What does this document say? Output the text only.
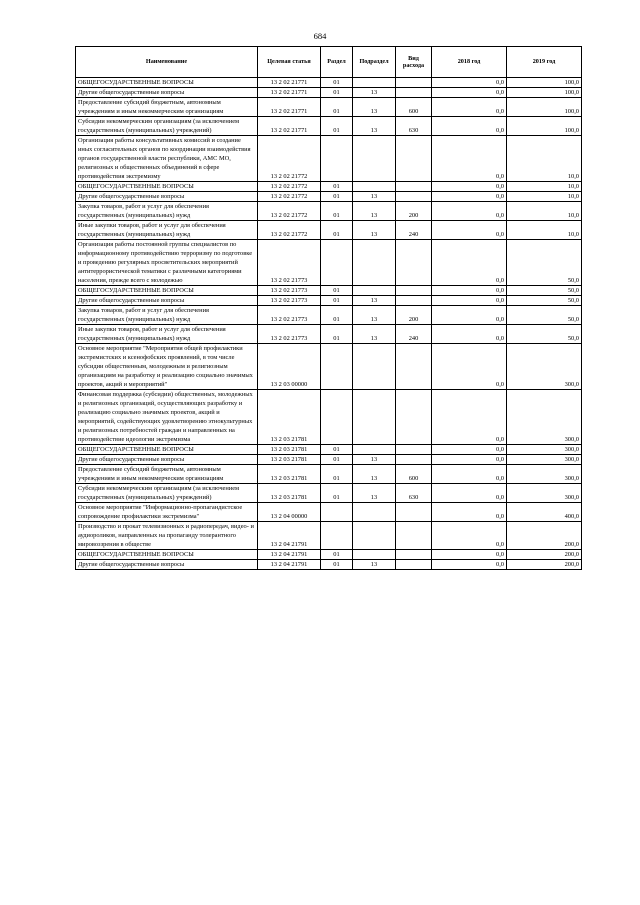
684
Наименование	Целевая статья	Раздел	Подраздел	Вид расхода	2018 год	2019 год
ОБЩЕГОСУДАРСТВЕННЫЕ ВОПРОСЫ	13 2 02 21771	01			0,0	100,0
Другие общегосударственные вопросы	13 2 02 21771	01	13		0,0	100,0
Предоставление субсидий бюджетным, автономным учреждениям и иным некоммерческим организациям	13 2 02 21771	01	13	600	0,0	100,0
Субсидии некоммерческим организациям (за исключением государственных (муниципальных) учреждений)	13 2 02 21771	01	13	630	0,0	100,0
Организация работы консультативных комиссий и создание иных согласительных органов по координации взаимодействия органов государственной власти республики, АМС МО, религиозных и общественных объединений в сфере противодействия экстремизму	13 2 02 21772				0,0	10,0
ОБЩЕГОСУДАРСТВЕННЫЕ ВОПРОСЫ	13 2 02 21772	01			0,0	10,0
Другие общегосударственные вопросы	13 2 02 21772	01	13		0,0	10,0
Закупка товаров, работ и услуг для обеспечения государственных (муниципальных) нужд	13 2 02 21772	01	13	200	0,0	10,0
Иные закупки товаров, работ и услуг для обеспечения государственных (муниципальных) нужд	13 2 02 21772	01	13	240	0,0	10,0
Организация работы постоянной группы специалистов по информационному противодействию терроризму по подготовке и проведению регулярных просветительских мероприятий антитеррористической тематики с различными категориями населения, прежде всего с молодежью	13 2 02 21773				0,0	50,0
ОБЩЕГОСУДАРСТВЕННЫЕ ВОПРОСЫ	13 2 02 21773	01			0,0	50,0
Другие общегосударственные вопросы	13 2 02 21773	01	13		0,0	50,0
Закупка товаров, работ и услуг для обеспечения государственных (муниципальных) нужд	13 2 02 21773	01	13	200	0,0	50,0
Иные закупки товаров, работ и услуг для обеспечения государственных (муниципальных) нужд	13 2 02 21773	01	13	240	0,0	50,0
Основное мероприятие "Мероприятия общей профилактики экстремистских и ксенофобских проявлений, в том числе субсидии общественным, молодежным и религиозным организациям на разработку и реализацию социально значимых проектов, акций и мероприятий"	13 2 03 00000				0,0	300,0
Финансовая поддержка (субсидии) общественных, молодежных и религиозных организаций, осуществляющих разработку и реализацию социально значимых проектов, акций и мероприятий, содействующих удовлетворению этнокультурных и религиозных потребностей граждан и направленных на противодействие идеологии экстремизма	13 2 03 21781				0,0	300,0
ОБЩЕГОСУДАРСТВЕННЫЕ ВОПРОСЫ	13 2 03 21781	01			0,0	300,0
Другие общегосударственные вопросы	13 2 03 21781	01	13		0,0	300,0
Предоставление субсидий бюджетным, автономным учреждениям и иным некоммерческим организациям	13 2 03 21781	01	13	600	0,0	300,0
Субсидии некоммерческим организациям (за исключением государственных (муниципальных) учреждений)	13 2 03 21781	01	13	630	0,0	300,0
Основное мероприятие "Информационно-пропагандистское сопровождение профилактики экстремизма"	13 2 04 00000				0,0	400,0
Производство и прокат телевизионных и радиопередач, видео- и аудиороликов, направленных на пропаганду толерантного мировоззрения в обществе	13 2 04 21791				0,0	200,0
ОБЩЕГОСУДАРСТВЕННЫЕ ВОПРОСЫ	13 2 04 21791	01			0,0	200,0
Другие общегосударственные вопросы	13 2 04 21791	01	13		0,0	200,0
